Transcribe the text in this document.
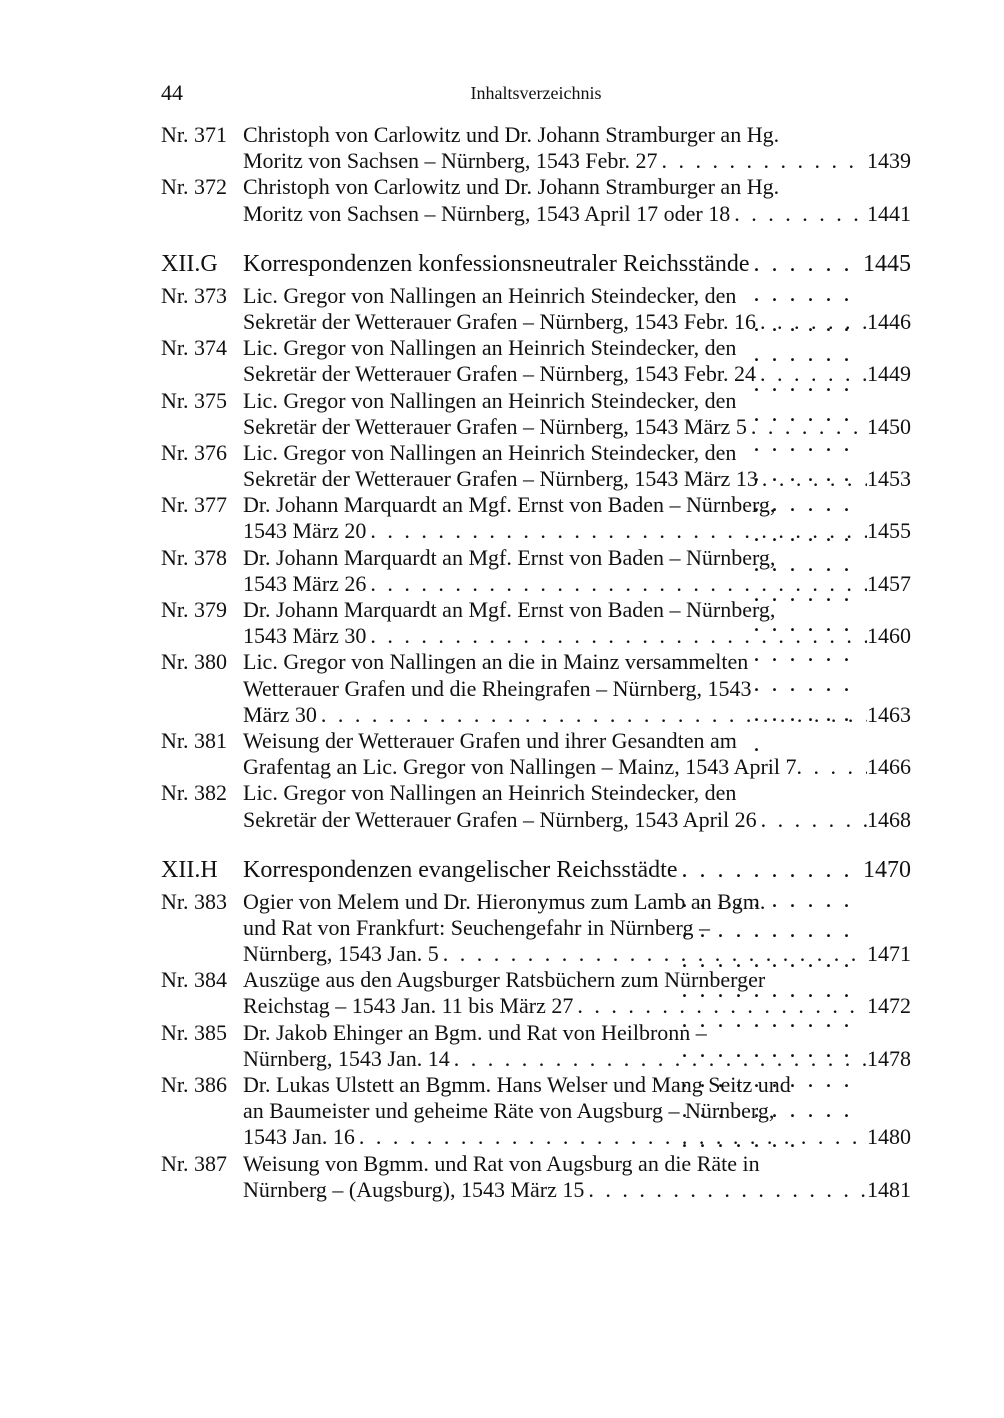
44	Inhaltsverzeichnis
Nr. 371 Christoph von Carlowitz und Dr. Johann Stramburger an Hg.
Moritz von Sachsen – Nürnberg, 1543 Febr. 27 . . .	1439
Nr. 372 Christoph von Carlowitz und Dr. Johann Stramburger an Hg.
Moritz von Sachsen – Nürnberg, 1543 April 17 oder 18 . . .	1441
XII.G Korrespondenzen konfessionsneutraler Reichsstände . . .	1445
Nr. 373 Lic. Gregor von Nallingen an Heinrich Steindecker, den
Sekretär der Wetterauer Grafen – Nürnberg, 1543 Febr. 16 . . .	1446
Nr. 374 Lic. Gregor von Nallingen an Heinrich Steindecker, den
Sekretär der Wetterauer Grafen – Nürnberg, 1543 Febr. 24 . . .	1449
Nr. 375 Lic. Gregor von Nallingen an Heinrich Steindecker, den
Sekretär der Wetterauer Grafen – Nürnberg, 1543 März 5 . . .	1450
Nr. 376 Lic. Gregor von Nallingen an Heinrich Steindecker, den
Sekretär der Wetterauer Grafen – Nürnberg, 1543 März 13 . . .	1453
Nr. 377 Dr. Johann Marquardt an Mgf. Ernst von Baden – Nürnberg,
1543 März 20 . . .	1455
Nr. 378 Dr. Johann Marquardt an Mgf. Ernst von Baden – Nürnberg,
1543 März 26 . . .	1457
Nr. 379 Dr. Johann Marquardt an Mgf. Ernst von Baden – Nürnberg,
1543 März 30 . . .	1460
Nr. 380 Lic. Gregor von Nallingen an die in Mainz versammelten
Wetterauer Grafen und die Rheingrafen – Nürnberg, 1543
März 30 . . .	1463
Nr. 381 Weisung der Wetterauer Grafen und ihrer Gesandten am
Grafentag an Lic. Gregor von Nallingen – Mainz, 1543 April 7 . . .	1466
Nr. 382 Lic. Gregor von Nallingen an Heinrich Steindecker, den
Sekretär der Wetterauer Grafen – Nürnberg, 1543 April 26 . . .	1468
XII.H Korrespondenzen evangelischer Reichsstädte . . .	1470
Nr. 383 Ogier von Melem und Dr. Hieronymus zum Lamb an Bgm.
und Rat von Frankfurt: Seuchengefahr in Nürnberg –
Nürnberg, 1543 Jan. 5 . . .	1471
Nr. 384 Auszüge aus den Augsburger Ratsbüchern zum Nürnberger
Reichstag – 1543 Jan. 11 bis März 27 . . .	1472
Nr. 385 Dr. Jakob Ehinger an Bgm. und Rat von Heilbronn –
Nürnberg, 1543 Jan. 14 . . .	1478
Nr. 386 Dr. Lukas Ulstett an Bgmm. Hans Welser und Mang Seitz und
an Baumeister und geheime Räte von Augsburg – Nürnberg,
1543 Jan. 16 . . .	1480
Nr. 387 Weisung von Bgmm. und Rat von Augsburg an die Räte in
Nürnberg – (Augsburg), 1543 März 15 . . .	1481
